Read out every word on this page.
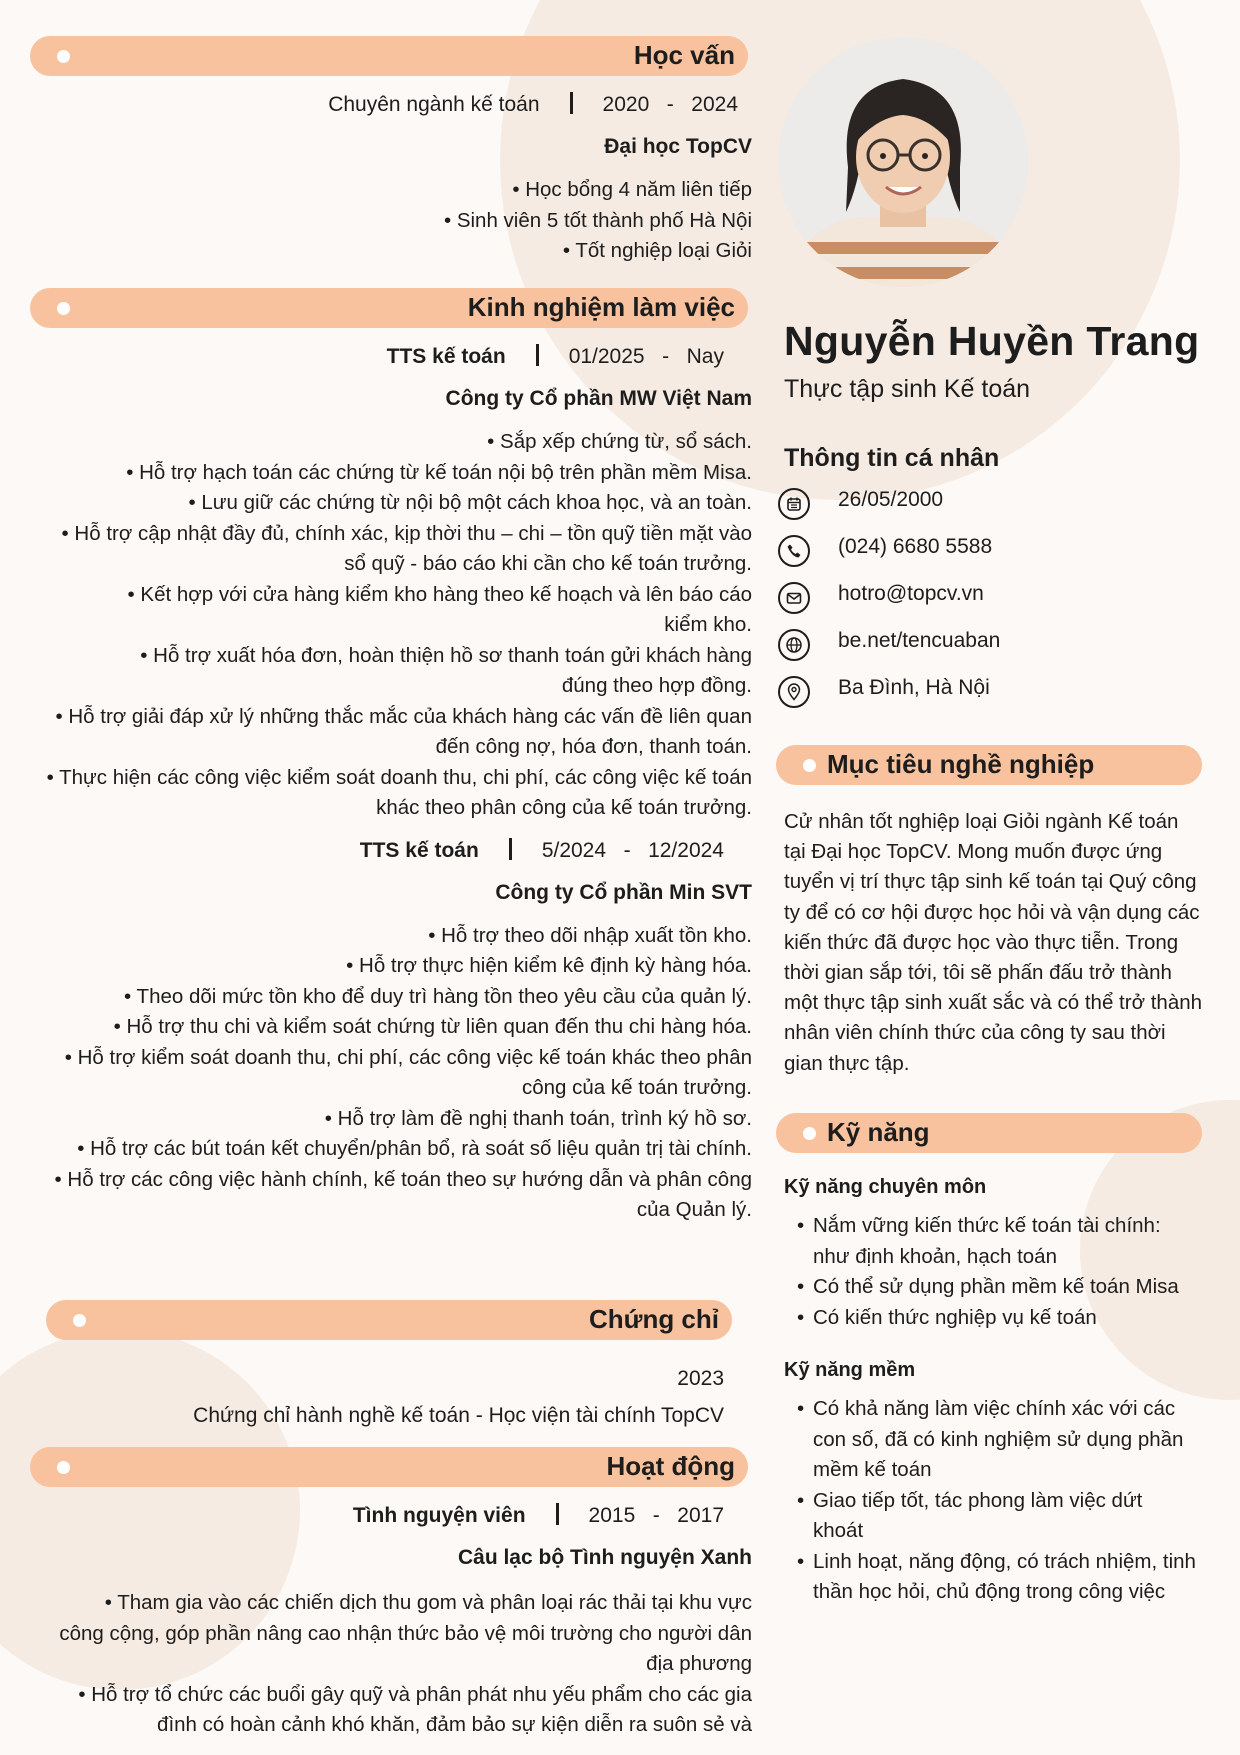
Học vấn
Chuyên ngành kế toán	2020 - 2024
Đại học TopCV
• Học bổng 4 năm liên tiếp
• Sinh viên 5 tốt thành phố Hà Nội
• Tốt nghiệp loại Giỏi
Kinh nghiệm làm việc
TTS kế toán	01/2025 - Nay
Công ty Cổ phần MW Việt Nam
• Sắp xếp chứng từ, sổ sách.
• Hỗ trợ hạch toán các chứng từ kế toán nội bộ trên phần mềm Misa.
• Lưu giữ các chứng từ nội bộ một cách khoa học, và an toàn.
• Hỗ trợ cập nhật đầy đủ, chính xác, kịp thời thu – chi – tồn quỹ tiền mặt vào sổ quỹ - báo cáo khi cần cho kế toán trưởng.
• Kết hợp với cửa hàng kiểm kho hàng theo kế hoạch và lên báo cáo kiểm kho.
• Hỗ trợ xuất hóa đơn, hoàn thiện hồ sơ thanh toán gửi khách hàng đúng theo hợp đồng.
• Hỗ trợ giải đáp xử lý những thắc mắc của khách hàng các vấn đề liên quan đến công nợ, hóa đơn, thanh toán.
• Thực hiện các công việc kiểm soát doanh thu, chi phí, các công việc kế toán khác theo phân công của kế toán trưởng.
TTS kế toán	5/2024 - 12/2024
Công ty Cổ phần Min SVT
• Hỗ trợ theo dõi nhập xuất tồn kho.
• Hỗ trợ thực hiện kiểm kê định kỳ hàng hóa.
• Theo dõi mức tồn kho để duy trì hàng tồn theo yêu cầu của quản lý.
• Hỗ trợ thu chi và kiểm soát chứng từ liên quan đến thu chi hàng hóa.
• Hỗ trợ kiểm soát doanh thu, chi phí, các công việc kế toán khác theo phân công của kế toán trưởng.
• Hỗ trợ làm đề nghị thanh toán, trình ký hồ sơ.
• Hỗ trợ các bút toán kết chuyển/phân bổ, rà soát số liệu quản trị tài chính.
• Hỗ trợ các công việc hành chính, kế toán theo sự hướng dẫn và phân công của Quản lý.
Chứng chỉ
2023
Chứng chỉ hành nghề kế toán - Học viện tài chính TopCV
Hoạt động
Tình nguyện viên	2015 - 2017
Câu lạc bộ Tình nguyện Xanh
• Tham gia vào các chiến dịch thu gom và phân loại rác thải tại khu vực công cộng, góp phần nâng cao nhận thức bảo vệ môi trường cho người dân địa phương
• Hỗ trợ tổ chức các buổi gây quỹ và phân phát nhu yếu phẩm cho các gia đình có hoàn cảnh khó khăn, đảm bảo sự kiện diễn ra suôn sẻ và
Nguyễn Huyền Trang
Thực tập sinh Kế toán
Thông tin cá nhân
26/05/2000
(024) 6680 5588
hotro@topcv.vn
be.net/tencuaban
Ba Đình, Hà Nội
Mục tiêu nghề nghiệp
Cử nhân tốt nghiệp loại Giỏi ngành Kế toán tại Đại học TopCV. Mong muốn được ứng tuyển vị trí thực tập sinh kế toán tại Quý công ty để có cơ hội được học hỏi và vận dụng các kiến thức đã được học vào thực tiễn. Trong thời gian sắp tới, tôi sẽ phấn đấu trở thành một thực tập sinh xuất sắc và có thể trở thành nhân viên chính thức của công ty sau thời gian thực tập.
Kỹ năng
Kỹ năng chuyên môn
• Nắm vững kiến thức kế toán tài chính: như định khoản, hạch toán
• Có thể sử dụng phần mềm kế toán Misa
• Có kiến thức nghiệp vụ kế toán
Kỹ năng mềm
• Có khả năng làm việc chính xác với các con số, đã có kinh nghiệm sử dụng phần mềm kế toán
• Giao tiếp tốt, tác phong làm việc dứt khoát
• Linh hoạt, năng động, có trách nhiệm, tinh thần học hỏi, chủ động trong công việc
